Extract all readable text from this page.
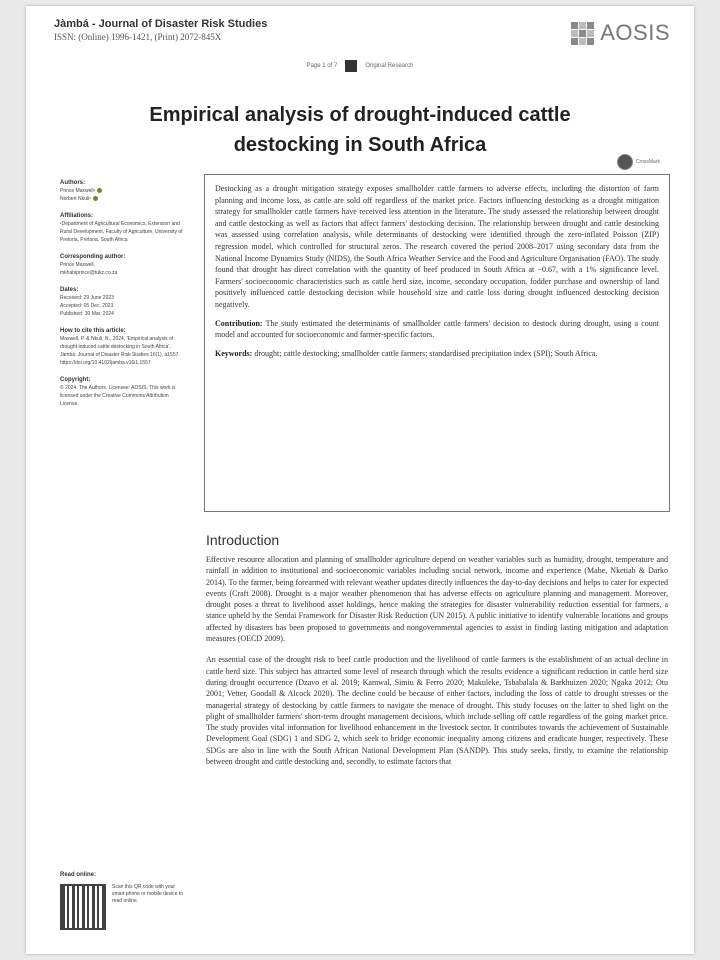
Jàmbá - Journal of Disaster Risk Studies
ISSN: (Online) 1996-1421, (Print) 2072-845X	AOSIS
Page 1 of 7	Original Research
Empirical analysis of drought-induced cattle
destocking in South Africa
CrossMark
Authors:
Prince Maxwell¹
Norbert Nkuli¹
Affiliations:
¹Department of Agricultural Economics, Extension and Rural Development, Faculty of Agriculture, University of Pretoria, Pretoria, South Africa
Corresponding author:
Prince Maxwell,
mkhabiprince@tukz.co.za
Dates:
Received: 29 June 2023
Accepted: 05 Dec. 2023
Published: 30 Mar. 2024
How to cite this article:
Maxwell, P. & Nkuli, N., 2024, 'Empirical analysis of drought-induced cattle destocking in South Africa', Jàmbá: Journal of Disaster Risk Studies 16(1), a1557. https://doi.org/10.4102/jamba.v16i1.1557
Copyright:
© 2024. The Authors. Licensee: AOSIS. This work is licensed under the Creative Commons Attribution License.
Read online:
Scan this QR code with your smart phone or mobile device to read online.

Destocking as a drought mitigation strategy exposes smallholder cattle farmers to adverse effects, including the distortion of farm planning and income loss, as cattle are sold off regardless of the market price. Factors influencing destocking as a drought mitigation strategy for smallholder cattle farmers have received less attention in the literature. The study assessed the relationship between drought and cattle destocking as well as factors that affect farmers' destocking decision. The relationship between drought and cattle destocking was assessed using correlation analysis, while determinants of destocking were identified through the zero-inflated Poisson (ZIP) regression model, which controlled for structural zeros. The research covered the period 2008–2017 using secondary data from the National Income Dynamics Study (NIDS), the South Africa Weather Service and the Food and Agriculture Organisation (FAO). The study found that drought has direct correlation with the quantity of beef produced in South Africa at −0.67, with a 1% significance level. Farmers' socioeconomic characteristics such as cattle herd size, income, secondary occupation, fodder purchase and ownership of land positively influenced cattle destocking decision while household size and cattle loss during drought influenced destocking decision negatively.

Contribution: The study estimated the determinants of smallholder cattle farmers' decision to destock during drought, using a count model and accounted for socioeconomic and farmer-specific factors.

Keywords: drought; cattle destocking; smallholder cattle farmers; standardised precipitation index (SPI); South Africa.

Introduction

Effective resource allocation and planning of smallholder agriculture depend on weather variables such as humidity, drought, temperature and rainfall in addition to institutional and socioeconomic variables including social network, income and experience (Mabe, Nketiah & Darko 2014). To the farmer, being forearmed with relevant weather updates directly influences the day-to-day decisions and helps to cater for expected events (Craft 2008). Drought is a major weather phenomenon that has adverse effects on agriculture planning and management. Moreover, drought poses a threat to livelihood asset holdings, hence making the strategies for disaster vulnerability reduction essential for farmers, a stance upheld by the Sendai Framework for Disaster Risk Reduction (UN 2015). A public initiative to identify vulnerable locations and groups affected by disasters has been proposed to governments and nongovernmental agencies to assist in finding lasting mitigation and adaptation measures (OECD 2009).

An essential case of the drought risk to beef cattle production and the livelihood of cattle farmers is the establishment of an actual decline in cattle herd size. This subject has attracted some level of research through which the results evidence a significant reduction in cattle herd size during drought occurrence (Dzavo et al. 2019; Kamwal, Simiu & Ferro 2020; Makuleke, Tshabalala & Barkhuizen 2020; Ngaka 2012; Otu 2001; Vetter, Goodall & Alcock 2020). The decline could be because of either factors, including the loss of cattle to drought stresses or the managerial strategy of destocking by cattle farmers to navigate the menace of drought. This study focuses on the latter to shed light on the plight of smallholder farmers' short-term drought management decisions, which include selling off cattle regardless of the going market price. The study provides vital information for livelihood enhancement in the livestock sector. It contributes towards the achievement of Sustainable Development Goal (SDG) 1 and SDG 2, which seek to bridge economic inequality among citizens and eradicate hunger, respectively. These SDGs are also in line with the South African National Development Plan (SANDP). This study seeks, firstly, to examine the relationship between drought and cattle destocking and, secondly, to estimate factors that
